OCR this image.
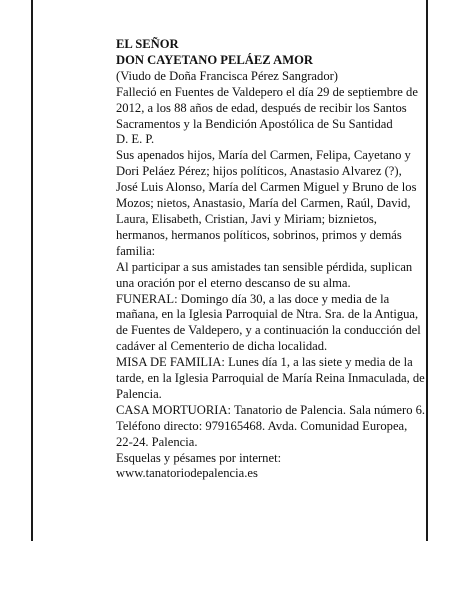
EL SEÑOR

DON CAYETANO PELÁEZ AMOR

(Viudo de Doña Francisca Pérez Sangrador)

Falleció en Fuentes de Valdepero el día 29 de septiembre de 2012, a los 88 años de edad, después de recibir los Santos Sacramentos y la Bendición Apostólica de Su Santidad

D. E. P.

Sus apenados hijos, María del Carmen, Felipa, Cayetano y Dori Peláez Pérez; hijos políticos, Anastasio Alvarez (?), José Luis Alonso, María del Carmen Miguel y Bruno de los Mozos; nietos, Anastasio, María del Carmen, Raúl, David, Laura, Elisabeth, Cristian, Javi y Miriam; biznietos, hermanos, hermanos políticos, sobrinos, primos y demás familia:

Al participar a sus amistades tan sensible pérdida, suplican una oración por el eterno descanso de su alma.

FUNERAL: Domingo día 30, a las doce y media de la mañana, en la Iglesia Parroquial de Ntra. Sra. de la Antigua, de Fuentes de Valdepero, y a continuación la conducción del cadáver al Cementerio de dicha localidad.

MISA DE FAMILIA: Lunes día 1, a las siete y media de la tarde, en la Iglesia Parroquial de María Reina Inmaculada, de Palencia.

CASA MORTUORIA: Tanatorio de Palencia. Sala número 6. Teléfono directo: 979165468. Avda. Comunidad Europea, 22-24. Palencia.

Esquelas y pésames por internet:

www.tanatoriodepalencia.es
